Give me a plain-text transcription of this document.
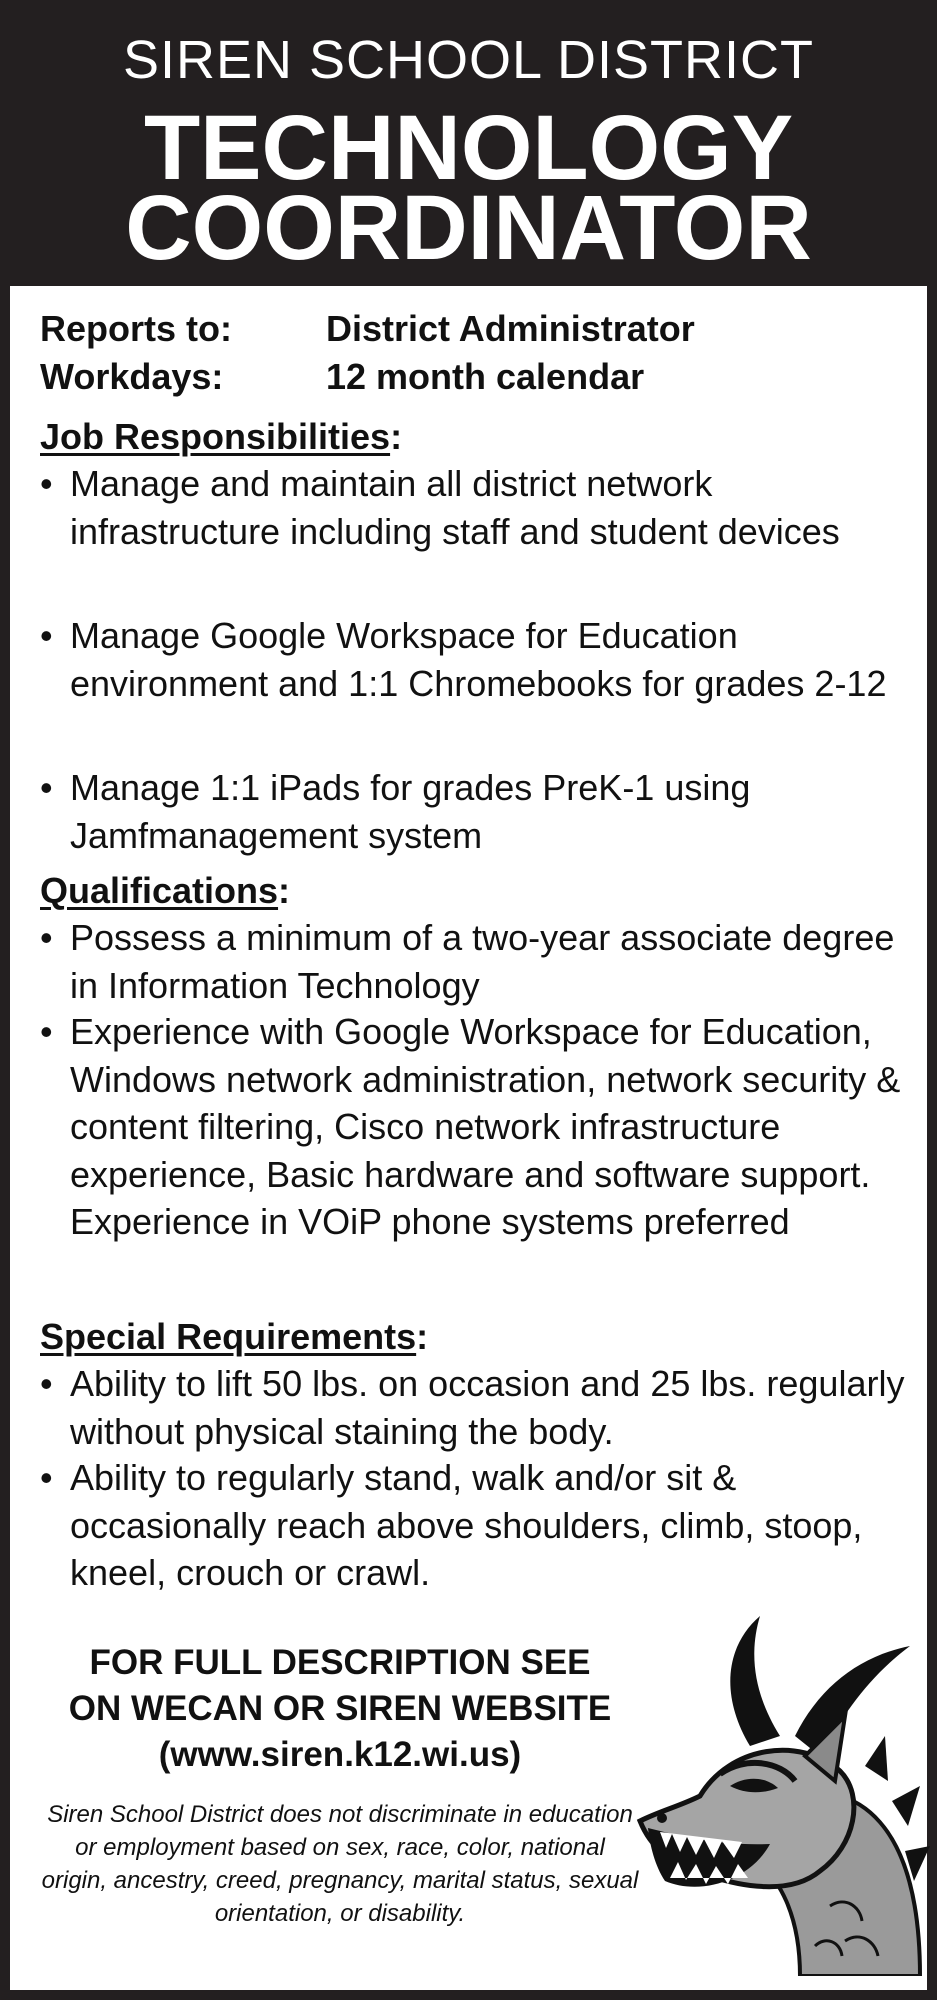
SIREN SCHOOL DISTRICT
TECHNOLOGY
COORDINATOR
Reports to:	District Administrator
Workdays:	12 month calendar
Job Responsibilities:
• Manage and maintain all district network infrastructure including staff and student devices
• Manage Google Workspace for Education environment and 1:1 Chromebooks for grades 2-12
• Manage 1:1 iPads for grades PreK-1 using Jamfmanagement system
Qualifications:
• Possess a minimum of a two-year associate degree in Information Technology
• Experience with Google Workspace for Education, Windows network administration, network security & content filtering, Cisco network infrastructure experience, Basic hardware and software support. Experience in VOiP phone systems preferred
Special Requirements:
• Ability to lift 50 lbs. on occasion and 25 lbs. regularly without physical staining the body.
• Ability to regularly stand, walk and/or sit & occasionally reach above shoulders, climb, stoop, kneel, crouch or crawl.
FOR FULL DESCRIPTION SEE
ON WECAN OR SIREN WEBSITE
(www.siren.k12.wi.us)
Siren School District does not discriminate in education or employment based on sex, race, color, national origin, ancestry, creed, pregnancy, marital status, sexual orientation, or disability.
